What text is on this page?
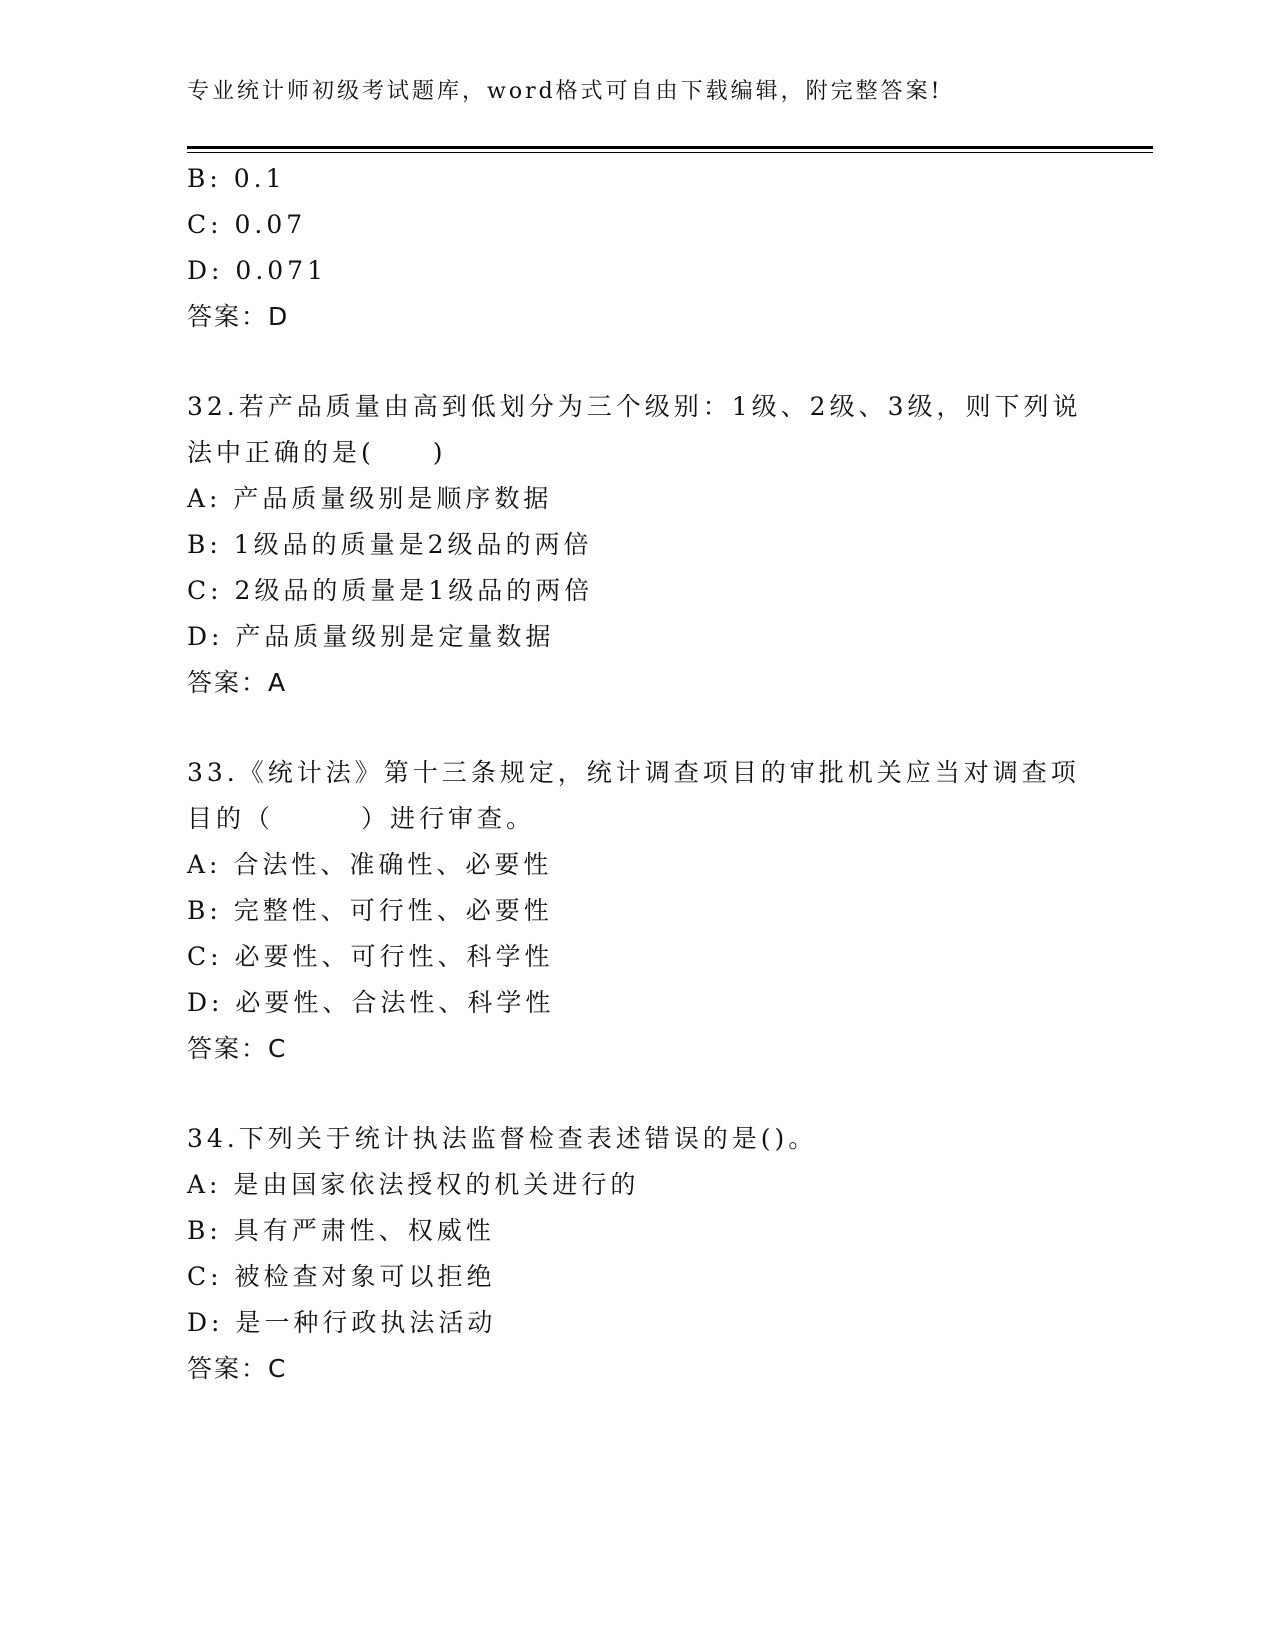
专业统计师初级考试题库，word格式可自由下载编辑，附完整答案!
B: 0.1
C: 0.07
D: 0.071
答案：D
32.若产品质量由高到低划分为三个级别：1级、2级、3级，则下列说
法中正确的是(　　)
A: 产品质量级别是顺序数据
B: 1级品的质量是2级品的两倍
C: 2级品的质量是1级品的两倍
D: 产品质量级别是定量数据
答案：A
33.《统计法》第十三条规定，统计调查项目的审批机关应当对调查项
目的（　　　）进行审查。
A: 合法性、准确性、必要性
B: 完整性、可行性、必要性
C: 必要性、可行性、科学性
D: 必要性、合法性、科学性
答案：C
34.下列关于统计执法监督检查表述错误的是()。
A: 是由国家依法授权的机关进行的
B: 具有严肃性、权威性
C: 被检查对象可以拒绝
D: 是一种行政执法活动
答案：C
